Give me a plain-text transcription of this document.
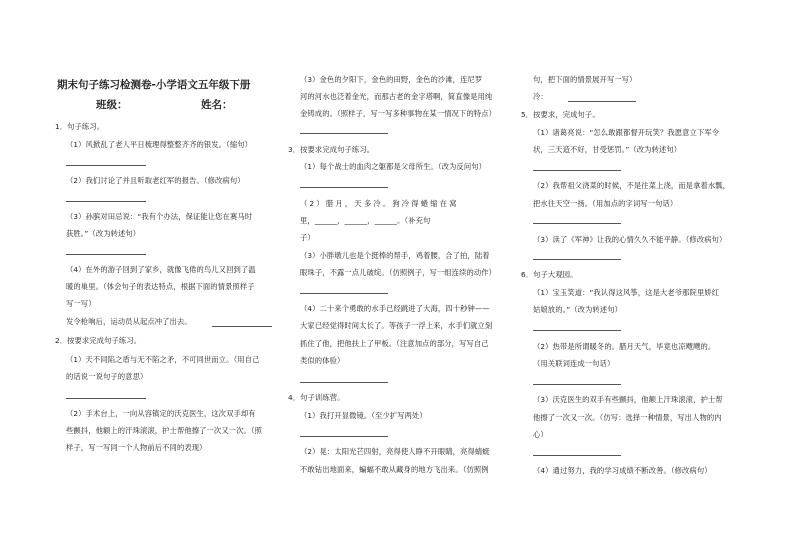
期末句子练习检测卷-小学语文五年级下册
班级：	姓名：
1．句子练习。
（1）风掀乱了老人平日梳理得整整齐齐的银发。（缩句）
（2）我们讨论了并且听取老红军的报告。（修改病句）
（3）孙膑对田忌说：“我有个办法，保证能让您在赛马时
获胜。”（改为转述句）
（4）在外的游子回到了家乡，就像飞倦的鸟儿又回到了温
暖的巢里。（体会句子的表达特点，根据下面的情景照样子
写一写）
发令枪响后，运动员从起点冲了出去。
2．按要求完成句子练习。
（1）天不同陷之盾与无不陷之矛，不可同世而立。（用自己
的话说一说句子的意思）
（2）手术台上，一向从容镇定的沃克医生，这次双手却有
些颤抖，他额上的汗珠滚滚，护士帮他擦了一次又一次。（照
样子，写一写同一个人物前后不同的表现）
（3）金色的夕阳下，金色的田野，金色的沙滩，连尼罗
河的河水也泛着金光，而那古老的金字塔啊，简直像是用纯
金铸成的。（照样子，写一写多种事物在某一情况下的特点）
3．按要求完成句子练习。
（1）每个战士的血肉之躯都是父母所生。（改为反问句）
（2）腊月，天多冷。狗冷得蜷缩在窝
里，______，______，______。（补充句
子）
（3）小胖墩儿也是个挺棒的帮手，鸡着腰，合了拍，陆着
眼珠子，不露一点儿破绽。（仿照例子，写一组连续的动作）
（4）二十来个勇敢的水手已经跳进了大海，四十秒钟——
大家已经觉得时间太长了。等孩子一浮上来，水手们就立刻
抓住了他，把他扶上了甲板。（注意加点的部分，写写自己
类似的体验）
4．句子训练营。
（1）我打开显微镜。（至少扩写两处）
（2）晃：太阳光芒四射，亮得使人睁不开眼睛，亮得蜻蜓
不敢钻出地面来，蝙蝠不敢从藏身的地方飞出来。（仿照例
句，把下面的情景展开写一写）
冷：
5．按要求，完成句子。
（1）诸葛亮说：“怎么敢跟都督开玩笑？我愿意立下军令
状，三天造不好，甘受惩罚。”（改为转述句）
（2）我帮祖父浇菜的时候，不是往菜上浇，而是拿着水瓢，
把水往天空一扬。（用加点的字词写一句话）
（3）读了《军神》让我的心情久久不能平静。（修改病句）
6．句子大观园。
（1）宝玉笑道：“我认得这风筝，这是大老爷那院里娇红
姑娘放的。”（改为转述句）
（2）热带是所谓暖冬的。腊月天气，毕竟也凉飕飕的。
（用关联词连成一句话）
（3）沃克医生的双手有些颤抖，他额上汗珠滚滚，护士帮
他擦了一次又一次。（仿写：选择一种情景，写出人物的内
心）
（4）通过努力，我的学习成绩不断改善。（修改病句）
